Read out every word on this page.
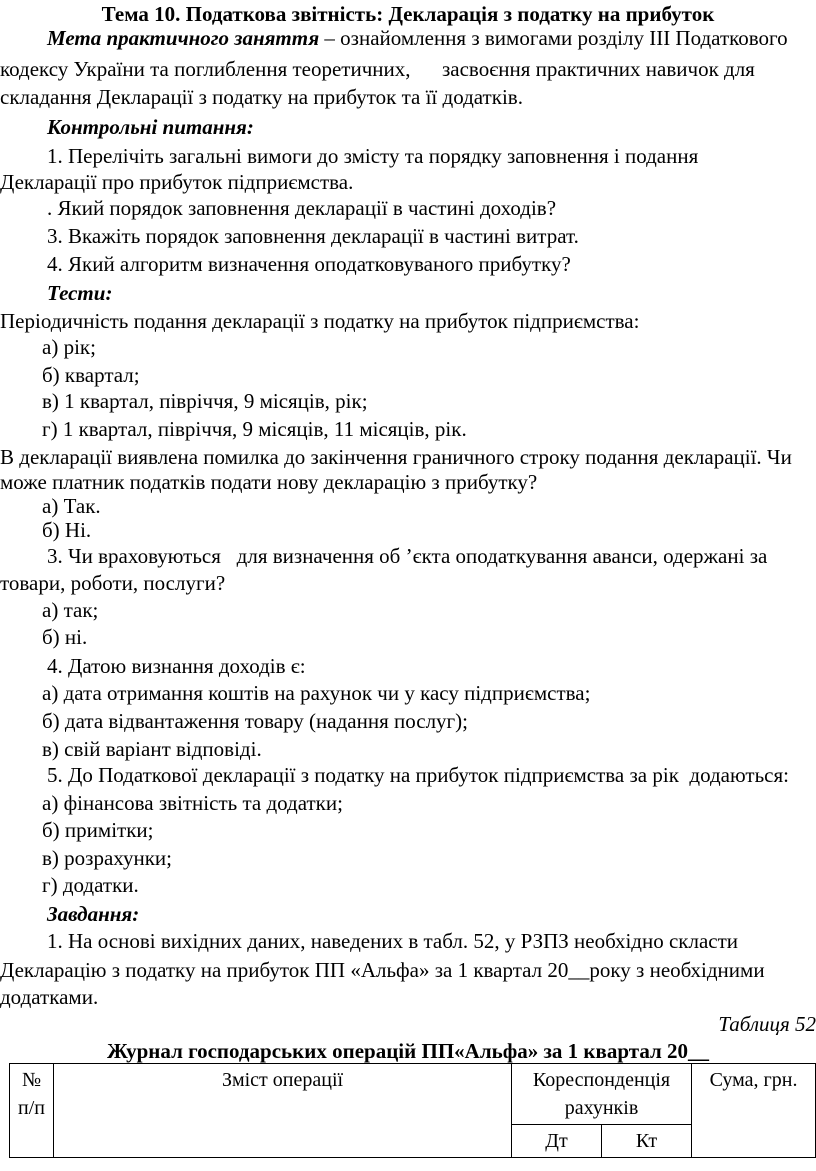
Тема 10. Податкова звітність: Декларація з податку на прибуток
Мета практичного заняття – ознайомлення з вимогами розділу ІІІ Податкового
кодексу України та поглиблення теоретичних,      засвоєння практичних навичок для
складання Декларації з податку на прибуток та її додатків.
Контрольні питання:
1. Перелічіть загальні вимоги до змісту та порядку заповнення і подання
Декларації про прибуток підприємства.
. Який порядок заповнення декларації в частині доходів?
3. Вкажіть порядок заповнення декларації в частині витрат.
4. Який алгоритм визначення оподатковуваного прибутку?
Тести:
Періодичність подання декларації з податку на прибуток підприємства:
а) рік;
б) квартал;
в) 1 квартал, півріччя, 9 місяців, рік;
г) 1 квартал, півріччя, 9 місяців, 11 місяців, рік.
В декларації виявлена помилка до закінчення граничного строку подання декларації. Чи
може платник податків подати нову декларацію з прибутку?
а) Так.
б) Ні.
3. Чи враховуються   для визначення об ’єкта оподаткування аванси, одержані за
товари, роботи, послуги?
а) так;
б) ні.
4. Датою визнання доходів є:
а) дата отримання коштів на рахунок чи у касу підприємства;
б) дата відвантаження товару (надання послуг);
в) свій варіант відповіді.
5. До Податкової декларації з податку на прибуток підприємства за рік  додаються:
а) фінансова звітність та додатки;
б) примітки;
в) розрахунки;
г) додатки.
Завдання:
1. На основі вихідних даних, наведених в табл. 52, у РЗПЗ необхідно скласти
Декларацію з податку на прибуток ПП «Альфа» за 1 квартал 20__року з необхідними
додатками.
Таблиця 52
Журнал господарських операцій ПП«Альфа» за 1 квартал 20__
№ п/п	Зміст операції	Кореспонденція рахунків		Сума, грн.
		Дт	Кт	
